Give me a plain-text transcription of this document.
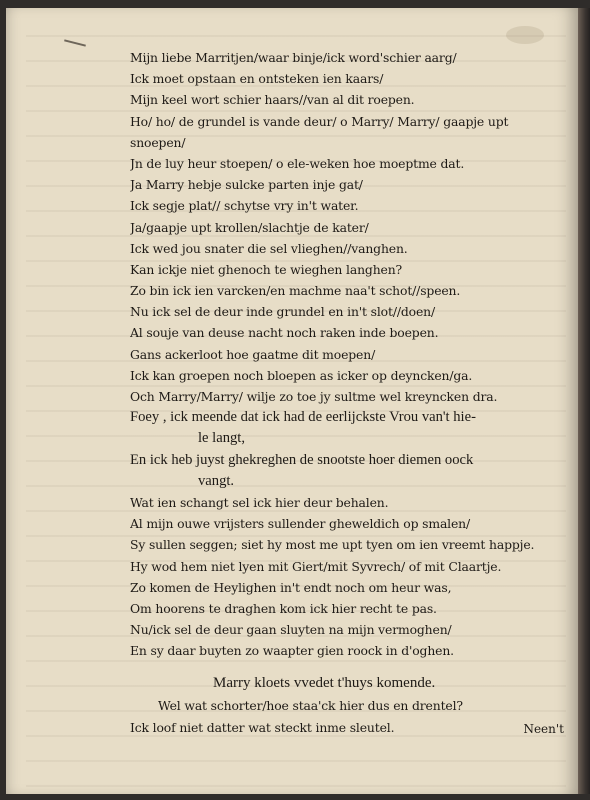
Mijn liebe Marritjen/waar binje/ick word'schier aarg/
Ick moet opstaan en ontsteken ien kaars/
Mijn keel wort schier haars//van al dit roepen.
Ho/ ho/ de grundel is vande deur/ o Marry/ Marry/ gaapje upt
snoepen/
Jn de luy heur stoepen/ o ele-weken hoe moeptme dat.
Ja Marry hebje sulcke parten inje gat/
Ick segje plat// schytse vry in't water.
Ja/gaapje upt krollen/slachtje de kater/
Ick wed jou snater die sel vlieghen//vanghen.
Kan ickje niet ghenoch te wieghen langhen?
Zo bin ick ien varcken/en machme naa't schot//speen.
Nu ick sel de deur inde grundel en in't slot//doen/
Al souje van deuse nacht noch raken inde boepen.
Gans ackerloot hoe gaatme dit moepen/
Ick kan groepen noch bloepen as icker op deyncken/ga.
Och Marry/Marry/ wilje zo toe jy sultme wel kreyncken dra.
Foey , ick meende dat ick had de eerlijckste Vrou van't hie-
le langt,
En ick heb juyst ghekreghen de snootste hoer diemen oock
vangt.
Wat ien schangt sel ick hier deur behalen.
Al mijn ouwe vrijsters sullender gheweldich op smalen/
Sy sullen seggen; siet hy most me upt tyen om ien vreemt happje.
Hy wod hem niet lyen mit Giert/mit Syvrech/ of mit Claartje.
Zo komen de Heylighen in't endt noch om heur was,
Om hoorens te draghen kom ick hier recht te pas.
Nu/ick sel de deur gaan sluyten na mijn vermoghen/
En sy daar buyten zo waapter gien roock in d'oghen.
Marry kloets vvedet t'huys komende.
Wel wat schorter/hoe staa'ck hier dus en drentel?
Ick loof niet datter wat steckt inme sleutel.	Neen't
